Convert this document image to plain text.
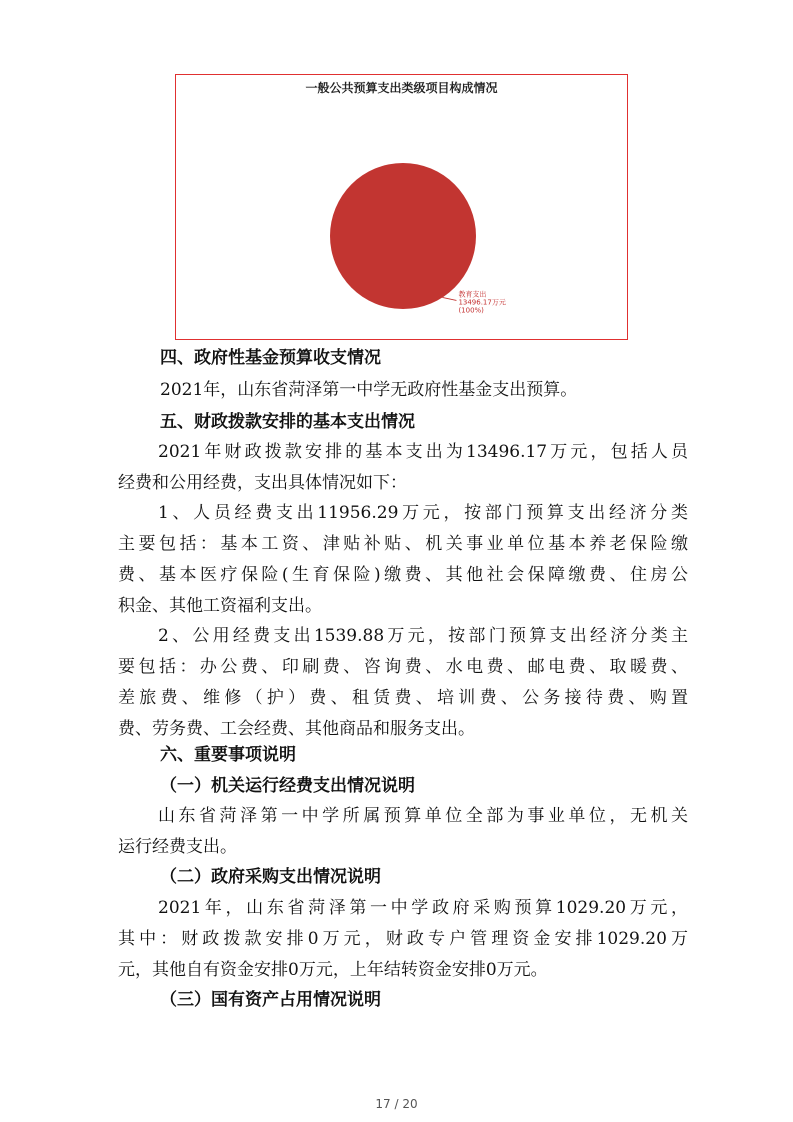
一般公共预算支出类级项目构成情况
教育支出
13496.17万元
(100%)
四、政府性基金预算收支情况
2021年，山东省菏泽第一中学无政府性基金支出预算。
五、财政拨款安排的基本支出情况
2021年财政拨款安排的基本支出为13496.17万元，包括人员
经费和公用经费，支出具体情况如下：
1、人员经费支出11956.29万元，按部门预算支出经济分类
主要包括：基本工资、津贴补贴、机关事业单位基本养老保险缴
费、基本医疗保险(生育保险)缴费、其他社会保障缴费、住房公
积金、其他工资福利支出。
2、公用经费支出1539.88万元，按部门预算支出经济分类主
要包括：办公费、印刷费、咨询费、水电费、邮电费、取暖费、
差旅费、维修（护）费、租赁费、培训费、公务接待费、购置
费、劳务费、工会经费、其他商品和服务支出。
六、重要事项说明
（一）机关运行经费支出情况说明
山东省菏泽第一中学所属预算单位全部为事业单位，无机关
运行经费支出。
（二）政府采购支出情况说明
2021年，山东省菏泽第一中学政府采购预算1029.20万元，
其中：财政拨款安排0万元，财政专户管理资金安排1029.20万
元，其他自有资金安排0万元，上年结转资金安排0万元。
（三）国有资产占用情况说明
17 / 20
